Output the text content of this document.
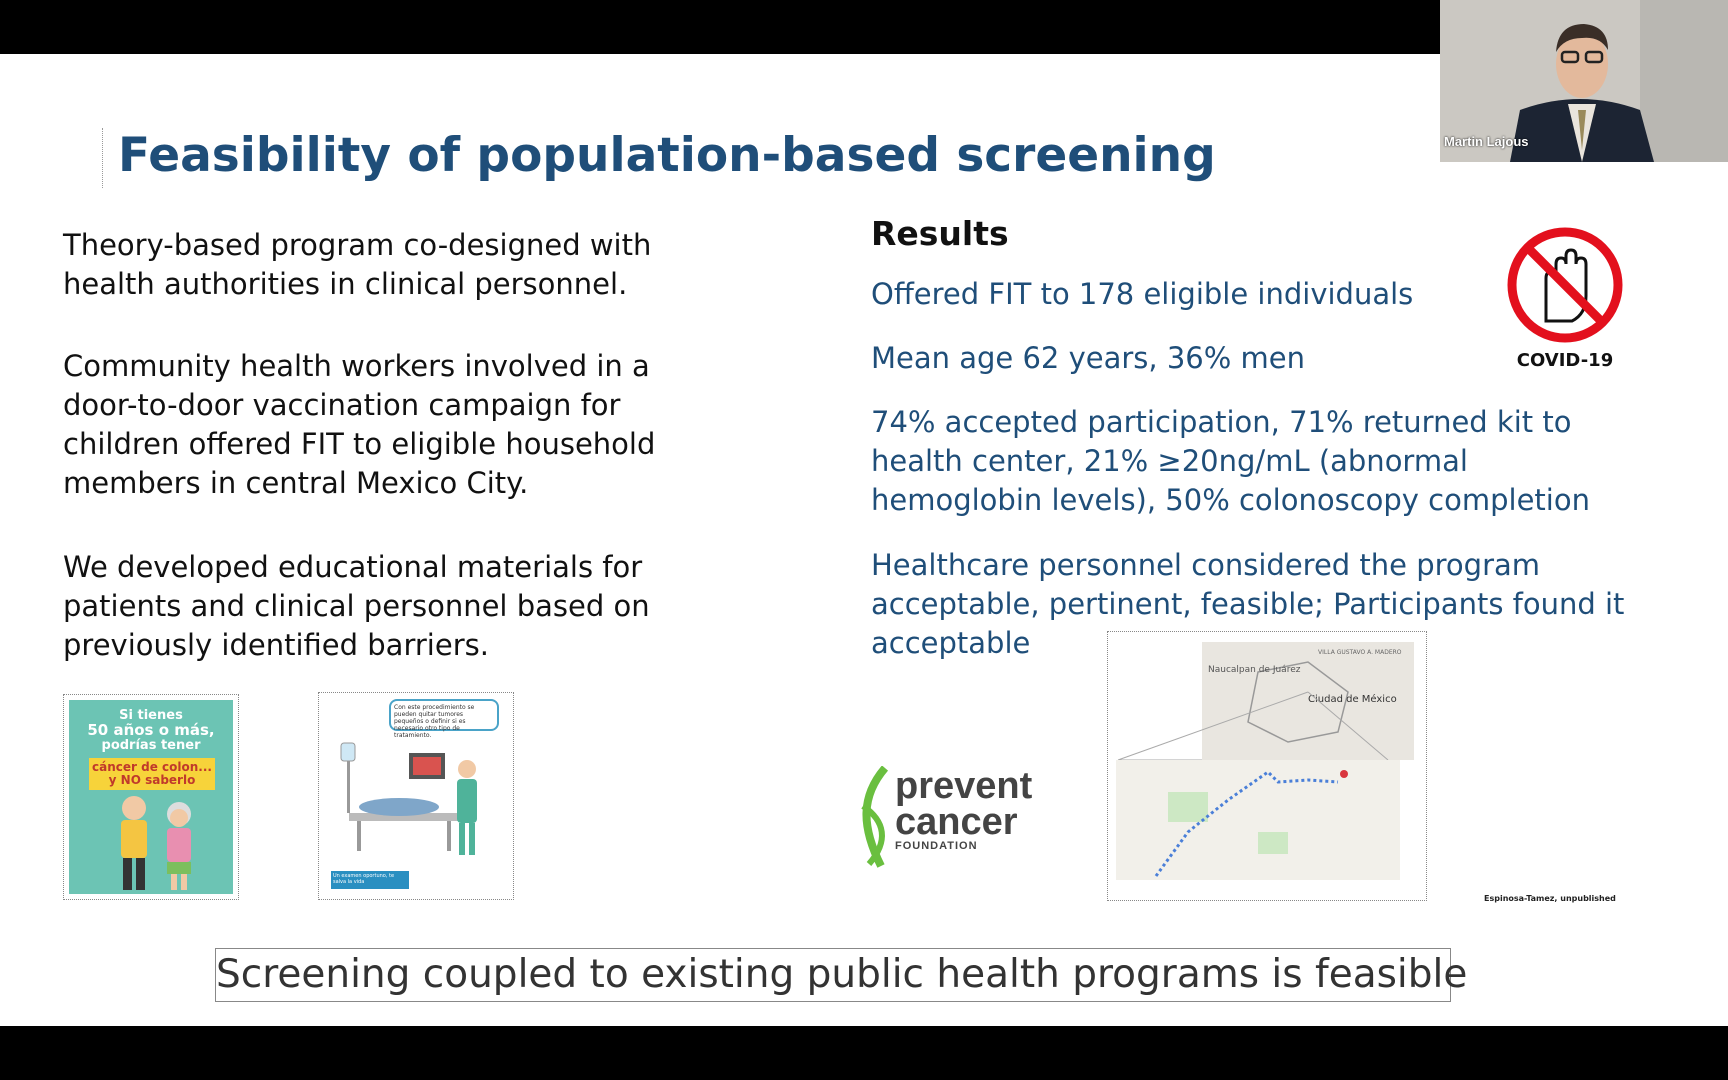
Feasibility of population-based screening
Theory-based program co-designed with health authorities in clinical personnel.
Community health workers involved in a door-to-door vaccination campaign for children offered FIT to eligible household members in central Mexico City.
We developed educational materials for patients and clinical personnel based on previously identified barriers.
Results
Offered FIT to 178 eligible individuals
Mean age 62 years, 36% men
74% accepted participation, 71% returned kit to health center, 21% ≥20ng/mL (abnormal hemoglobin levels), 50% colonoscopy completion
Healthcare personnel considered the program acceptable, pertinent, feasible; Participants found it acceptable
COVID-19
Si tienes
50 años o más,
podrías tener
cáncer de colon...
y NO saberlo
Con este procedimiento se pueden quitar tumores pequeños o definir si es necesario otro tipo de tratamiento.
Un examen oportuno, te salva la vida
prevent
cancer
FOUNDATION
Naucalpan de Juárez
Ciudad de México
VILLA GUSTAVO A. MADERO
Espinosa-Tamez, unpublished
Screening coupled to existing public health programs is feasible
Martin Lajous
